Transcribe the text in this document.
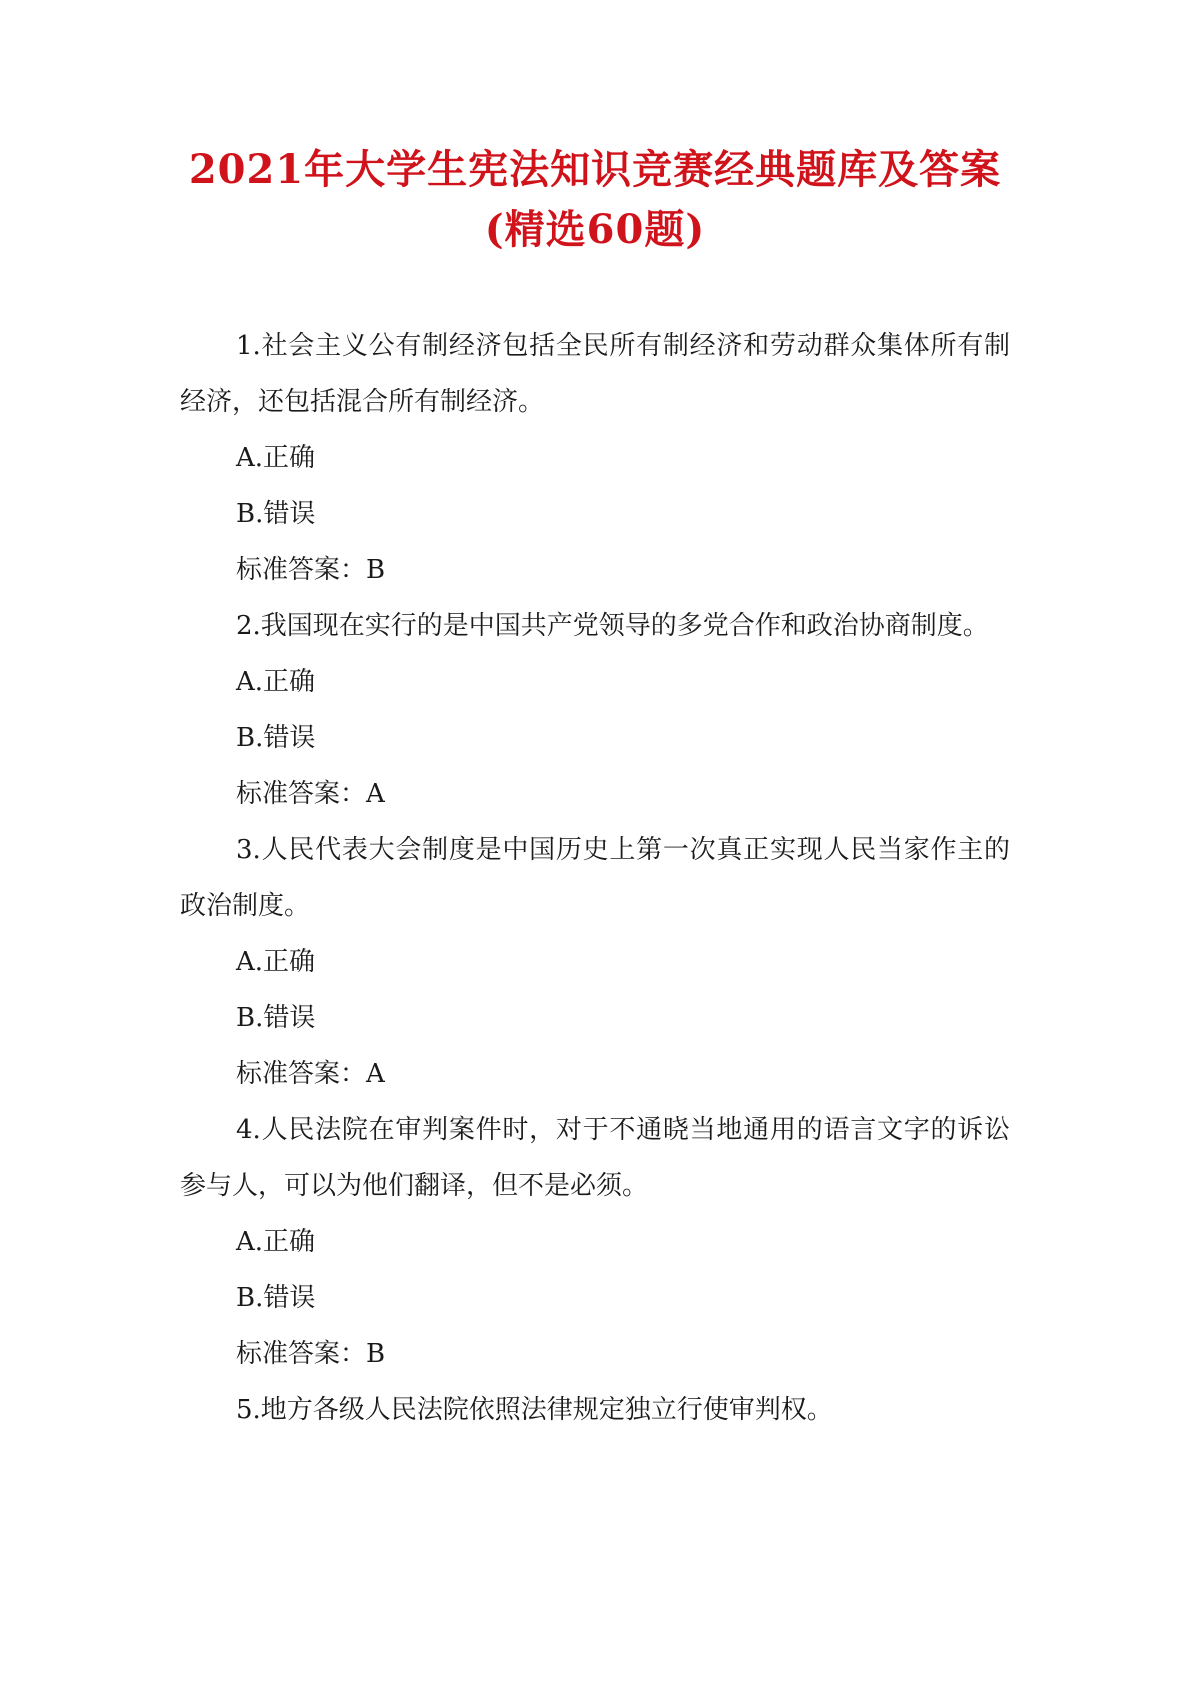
2021年大学生宪法知识竞赛经典题库及答案(精选60题)

1.社会主义公有制经济包括全民所有制经济和劳动群众集体所有制经济，还包括混合所有制经济。

A.正确

B.错误

标准答案：B

2.我国现在实行的是中国共产党领导的多党合作和政治协商制度。

A.正确

B.错误

标准答案：A

3.人民代表大会制度是中国历史上第一次真正实现人民当家作主的政治制度。

A.正确

B.错误

标准答案：A

4.人民法院在审判案件时，对于不通晓当地通用的语言文字的诉讼参与人，可以为他们翻译，但不是必须。

A.正确

B.错误

标准答案：B

5.地方各级人民法院依照法律规定独立行使审判权。
